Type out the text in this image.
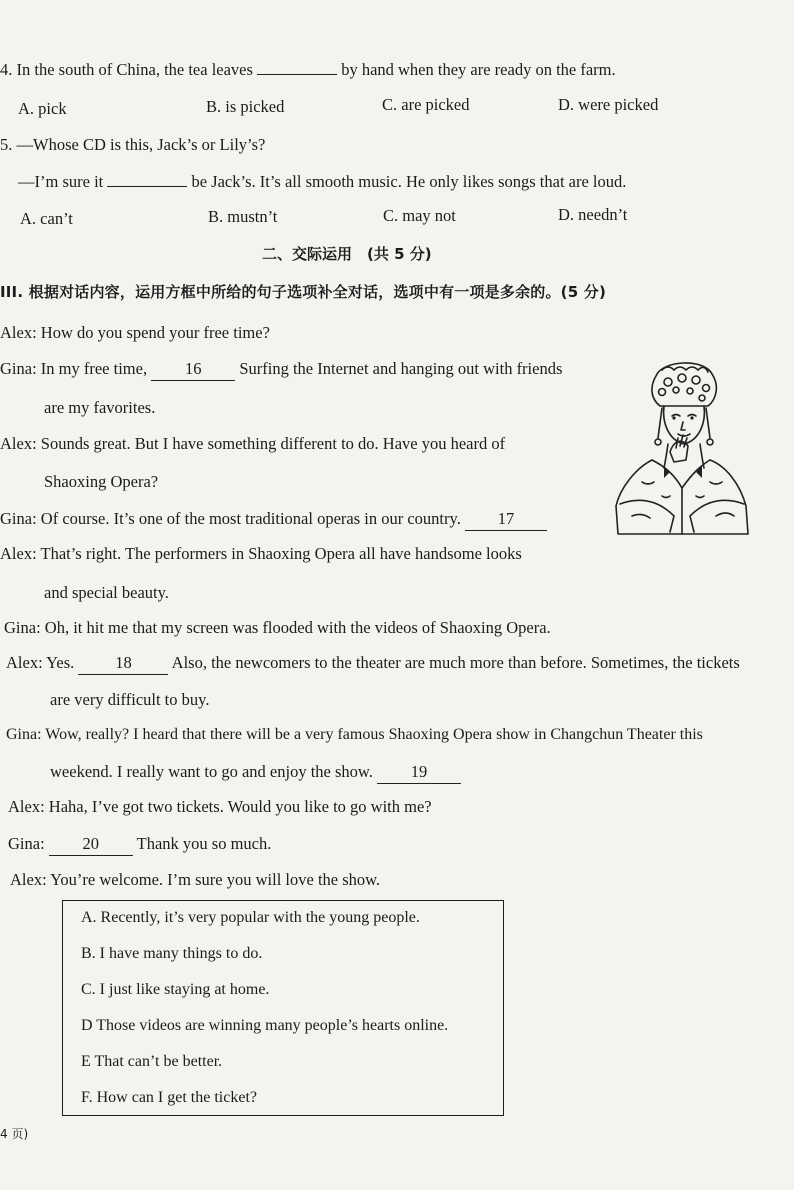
4. In the south of China, the tea leaves	by hand when they are ready on the farm.
A. pick	B. is picked	C. are picked	D. were picked
5. —Whose CD is this, Jack’s or Lily’s?
—I’m sure it	be Jack’s. It’s all smooth music. He only likes songs that are loud.
A. can’t	B. mustn’t	C. may not	D. needn’t
二、交际运用　(共 5 分)
III. 根据对话内容，运用方框中所给的句子选项补全对话，选项中有一项是多余的。(5 分)
Alex: How do you spend your free time?
Gina: In my free time, 16 Surfing the Internet and hanging out with friends
are my favorites.
Alex: Sounds great. But I have something different to do. Have you heard of
Shaoxing Opera?
Gina: Of course. It’s one of the most traditional operas in our country. 17
Alex: That’s right. The performers in Shaoxing Opera all have handsome looks
and special beauty.
Gina: Oh, it hit me that my screen was flooded with the videos of Shaoxing Opera.
Alex: Yes. 18 Also, the newcomers to the theater are much more than before. Sometimes, the tickets
are very difficult to buy.
Gina: Wow, really? I heard that there will be a very famous Shaoxing Opera show in Changchun Theater this
weekend. I really want to go and enjoy the show. 19
Alex: Haha, I’ve got two tickets. Would you like to go with me?
Gina: 20 Thank you so much.
Alex: You’re welcome. I’m sure you will love the show.
A. Recently, it’s very popular with the young people.
B. I have many things to do.
C. I just like staying at home.
D Those videos are winning many people’s hearts online.
E That can’t be better.
F. How can I get the ticket?
4 页)
